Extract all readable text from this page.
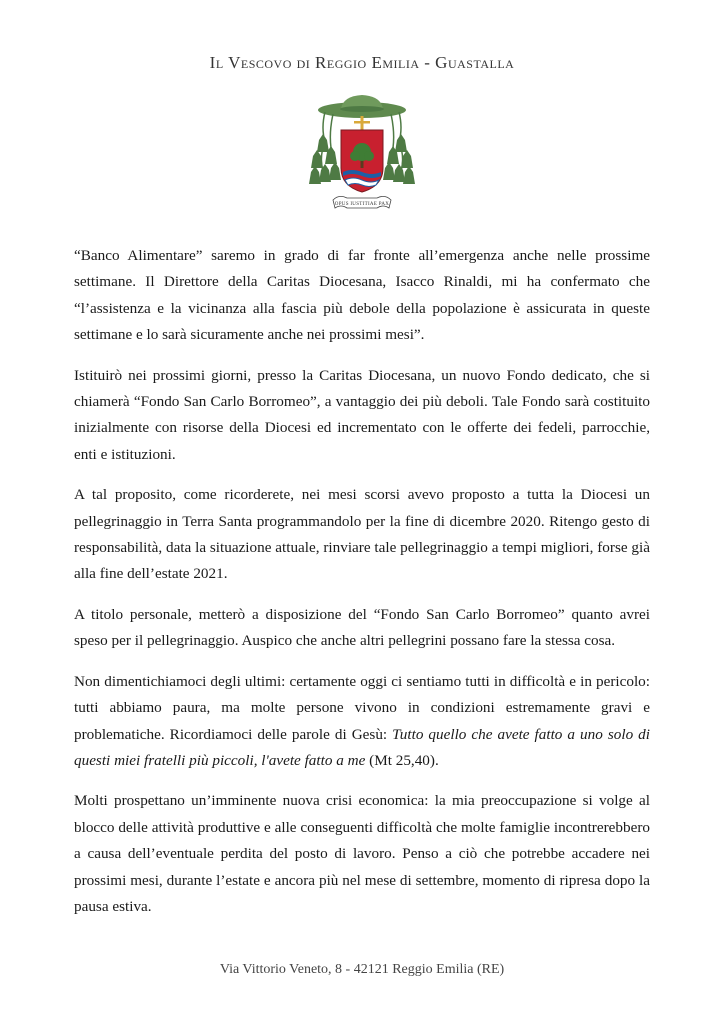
Il Vescovo di Reggio Emilia - Guastalla
OPUS IUSTITIAE PAX

“Banco Alimentare” saremo in grado di far fronte all’emergenza anche nelle prossime settimane. Il Direttore della Caritas Diocesana, Isacco Rinaldi, mi ha confermato che “l’assistenza e la vicinanza alla fascia più debole della popolazione è assicurata in queste settimane e lo sarà sicuramente anche nei prossimi mesi”.

Istituirò nei prossimi giorni, presso la Caritas Diocesana, un nuovo Fondo dedicato, che si chiamerà “Fondo San Carlo Borromeo”, a vantaggio dei più deboli. Tale Fondo sarà costituito inizialmente con risorse della Diocesi ed incrementato con le offerte dei fedeli, parrocchie, enti e istituzioni.

A tal proposito, come ricorderete, nei mesi scorsi avevo proposto a tutta la Diocesi un pellegrinaggio in Terra Santa programmandolo per la fine di dicembre 2020. Ritengo gesto di responsabilità, data la situazione attuale, rinviare tale pellegrinaggio a tempi migliori, forse già alla fine dell’estate 2021.

A titolo personale, metterò a disposizione del “Fondo San Carlo Borromeo” quanto avrei speso per il pellegrinaggio. Auspico che anche altri pellegrini possano fare la stessa cosa.

Non dimentichiamoci degli ultimi: certamente oggi ci sentiamo tutti in difficoltà e in pericolo: tutti abbiamo paura, ma molte persone vivono in condizioni estremamente gravi e problematiche. Ricordiamoci delle parole di Gesù: Tutto quello che avete fatto a uno solo di questi miei fratelli più piccoli, l'avete fatto a me (Mt 25,40).

Molti prospettano un’imminente nuova crisi economica: la mia preoccupazione si volge al blocco delle attività produttive e alle conseguenti difficoltà che molte famiglie incontrerebbero a causa dell’eventuale perdita del posto di lavoro. Penso a ciò che potrebbe accadere nei prossimi mesi, durante l’estate e ancora più nel mese di settembre, momento di ripresa dopo la pausa estiva.

Via Vittorio Veneto, 8 - 42121 Reggio Emilia (RE)
